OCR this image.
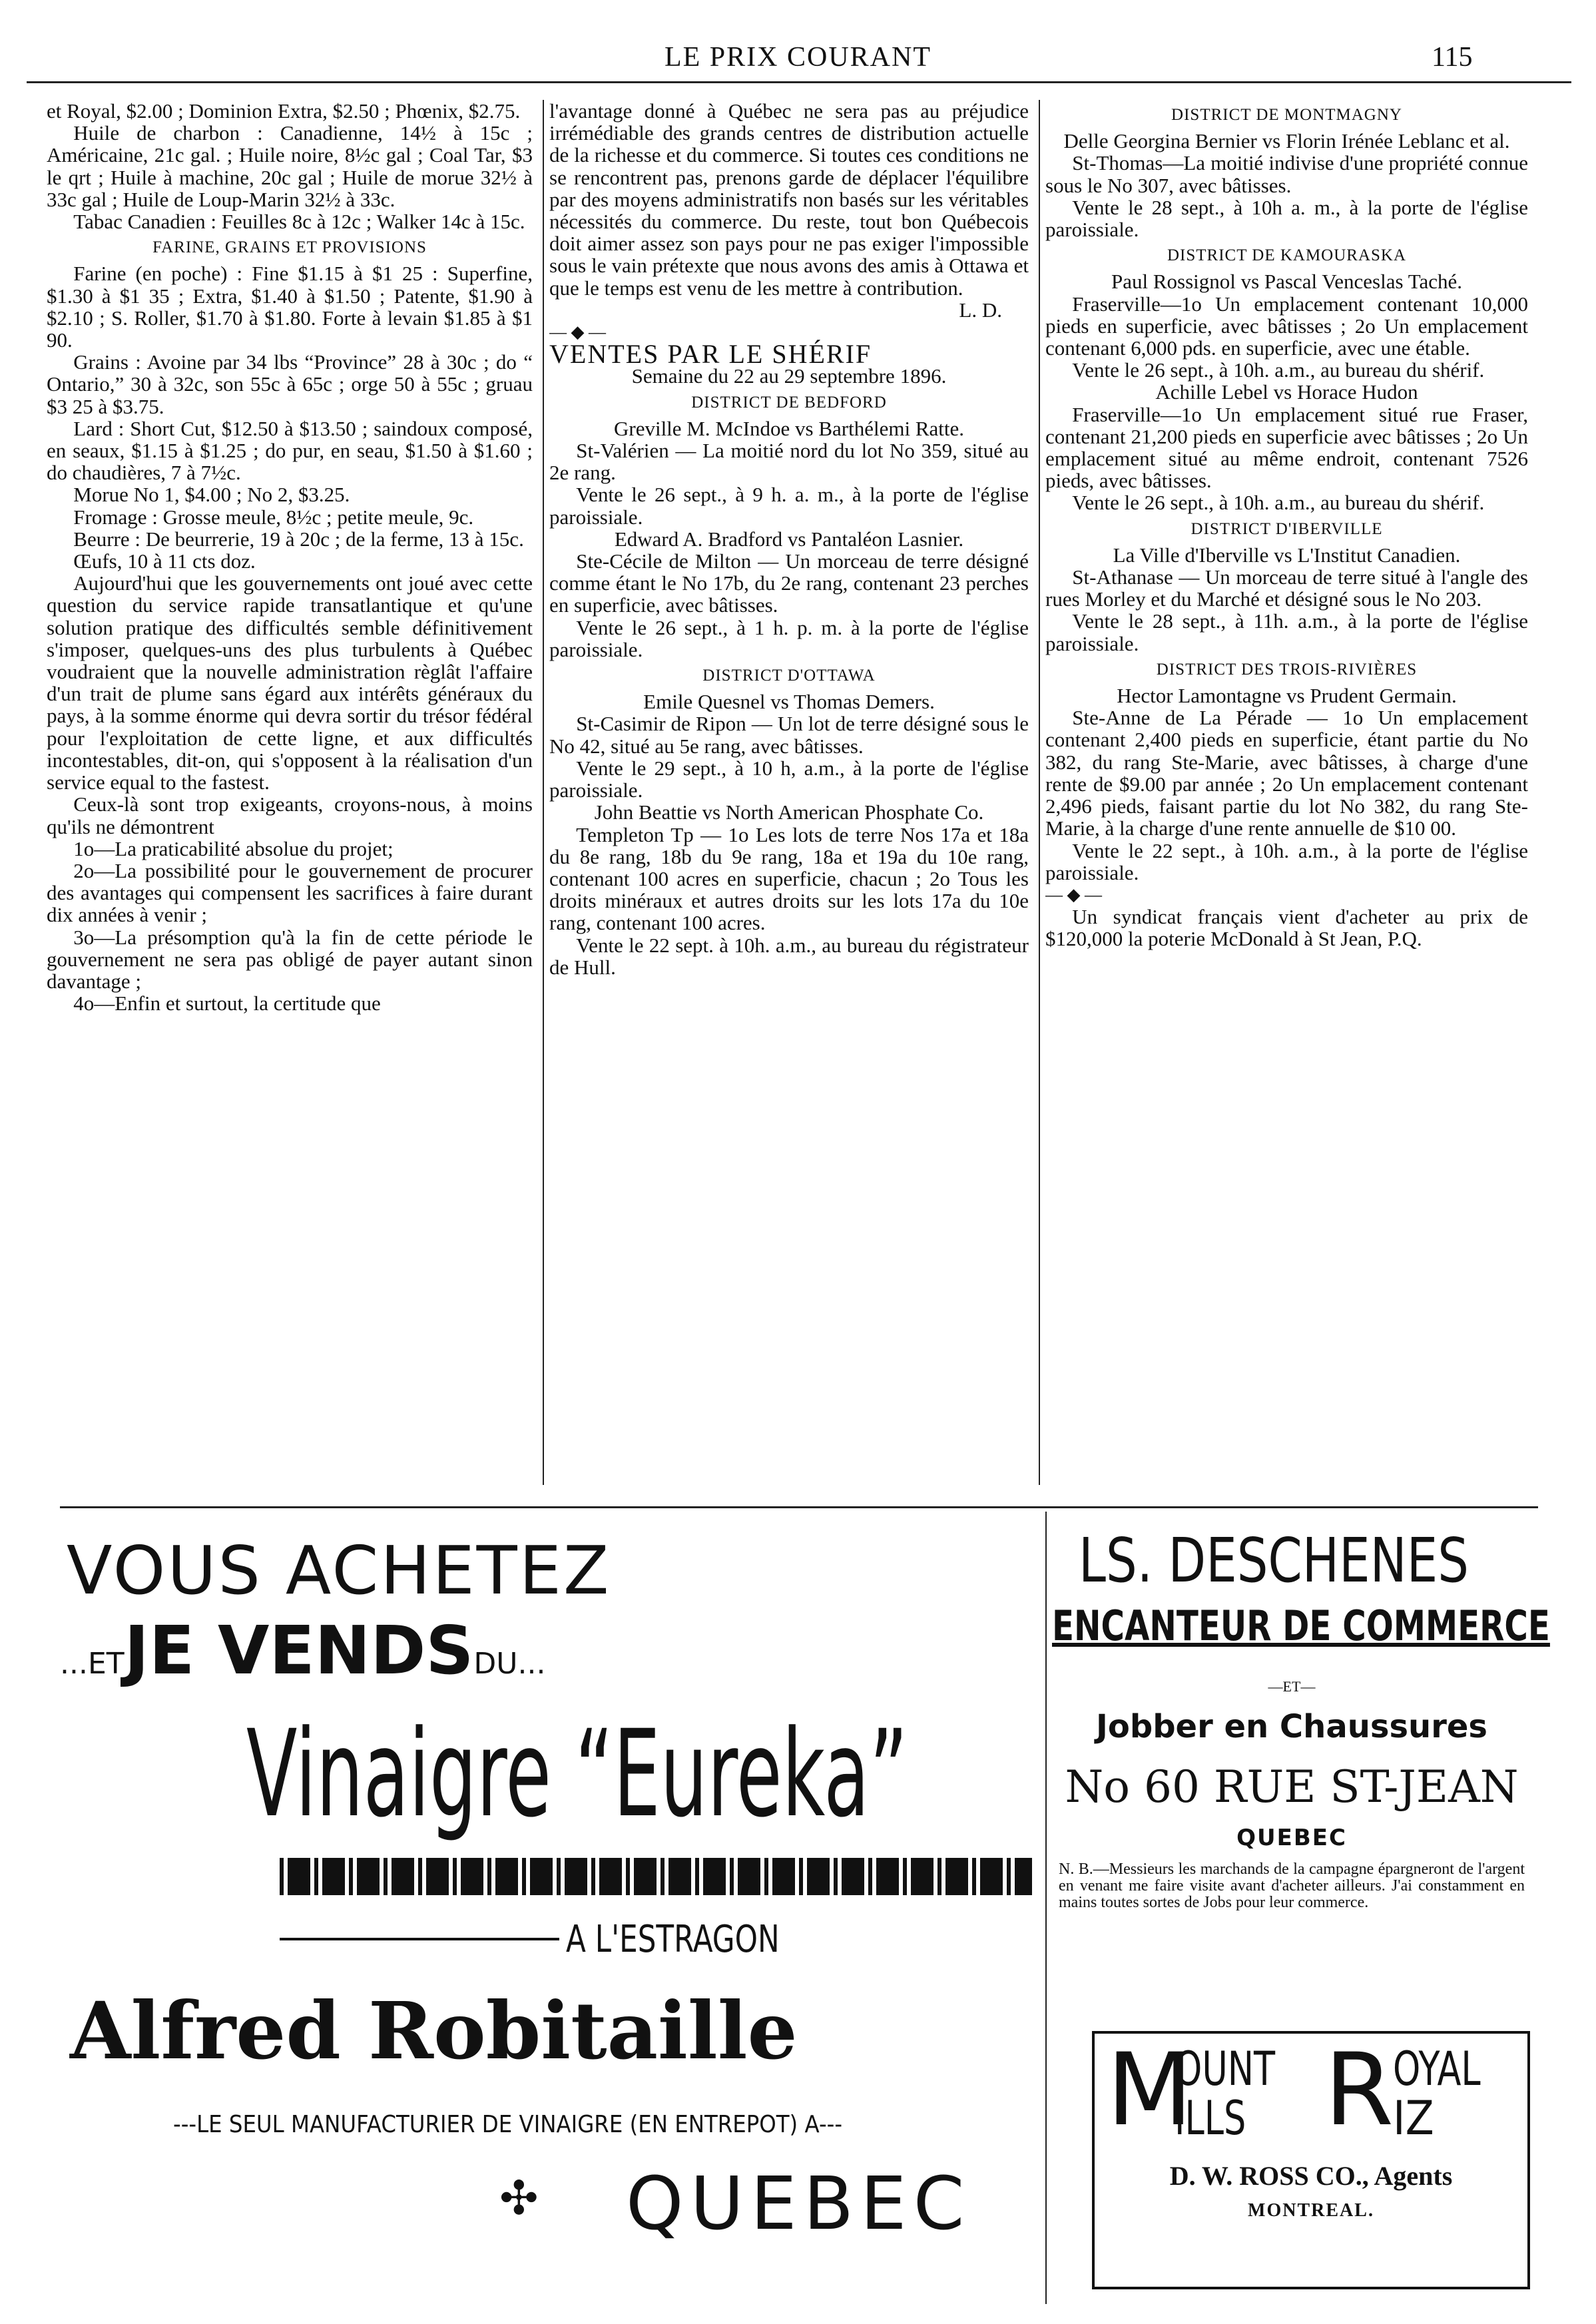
LE PRIX COURANT	115

et Royal, $2.00 ; Dominion Extra, $2.50 ; Phœnix, $2.75.

Huile de charbon : Canadienne, 14½ à 15c ; Américaine, 21c gal. ; Huile noire, 8½c gal ; Coal Tar, $3 le qrt ; Huile à machine, 20c gal ; Huile de morue 32½ à 33c gal ; Huile de Loup-Marin 32½ à 33c.

Tabac Canadien : Feuilles 8c à 12c ; Walker 14c à 15c.

FARINE, GRAINS ET PROVISIONS

Farine (en poche) : Fine $1.15 à $1 25 : Superfine, $1.30 à $1 35 ; Extra, $1.40 à $1.50 ; Patente, $1.90 à $2.10 ; S. Roller, $1.70 à $1.80. Forte à levain $1.85 à $1 90.

Grains : Avoine par 34 lbs “Province” 28 à 30c ; do “ Ontario,” 30 à 32c, son 55c à 65c ; orge 50 à 55c ; gruau $3 25 à $3.75.

Lard : Short Cut, $12.50 à $13.50 ; saindoux composé, en seaux, $1.15 à $1.25 ; do pur, en seau, $1.50 à $1.60 ; do chaudières, 7 à 7½c.

Morue No 1, $4.00 ; No 2, $3.25.

Fromage : Grosse meule, 8½c ; petite meule, 9c.

Beurre : De beurrerie, 19 à 20c ; de la ferme, 13 à 15c.

Œufs, 10 à 11 cts doz.

Aujourd'hui que les gouvernements ont joué avec cette question du service rapide transatlantique et qu'une solution pratique des difficultés semble définitivement s'imposer, quelques-uns des plus turbulents à Québec voudraient que la nouvelle administration règlât l'affaire d'un trait de plume sans égard aux intérêts généraux du pays, à la somme énorme qui devra sortir du trésor fédéral pour l'exploitation de cette ligne, et aux difficultés incontestables, dit-on, qui s'opposent à la réalisation d'un service equal to the fastest.

Ceux-là sont trop exigeants, croyons-nous, à moins qu'ils ne démontrent

1o—La praticabilité absolue du projet;

2o—La possibilité pour le gouvernement de procurer des avantages qui compensent les sacrifices à faire durant dix années à venir ;

3o—La présomption qu'à la fin de cette période le gouvernement ne sera pas obligé de payer autant sinon davantage ;

4o—Enfin et surtout, la certitude que

l'avantage donné à Québec ne sera pas au préjudice irrémédiable des grands centres de distribution actuelle de la richesse et du commerce. Si toutes ces conditions ne se rencontrent pas, prenons garde de déplacer l'équilibre par des moyens administratifs non basés sur les véritables nécessités du commerce. Du reste, tout bon Québecois doit aimer assez son pays pour ne pas exiger l'impossible sous le vain prétexte que nous avons des amis à Ottawa et que le temps est venu de les mettre à contribution.

L. D.

— ◆ —

VENTES PAR LE SHÉRIF

Semaine du 22 au 29 septembre 1896.

DISTRICT DE BEDFORD

Greville M. McIndoe vs Barthélemi Ratte.

St-Valérien — La moitié nord du lot No 359, situé au 2e rang.

Vente le 26 sept., à 9 h. a. m., à la porte de l'église paroissiale.

Edward A. Bradford vs Pantaléon Lasnier.

Ste-Cécile de Milton — Un morceau de terre désigné comme étant le No 17b, du 2e rang, contenant 23 perches en superficie, avec bâtisses.

Vente le 26 sept., à 1 h. p. m. à la porte de l'église paroissiale.

DISTRICT D'OTTAWA

Emile Quesnel vs Thomas Demers.

St-Casimir de Ripon — Un lot de terre désigné sous le No 42, situé au 5e rang, avec bâtisses.

Vente le 29 sept., à 10 h, a.m., à la porte de l'église paroissiale.

John Beattie vs North American Phosphate Co.

Templeton Tp — 1o Les lots de terre Nos 17a et 18a du 8e rang, 18b du 9e rang, 18a et 19a du 10e rang, contenant 100 acres en superficie, chacun ; 2o Tous les droits minéraux et autres droits sur les lots 17a du 10e rang, contenant 100 acres.

Vente le 22 sept. à 10h. a.m., au bureau du régistrateur de Hull.

DISTRICT DE MONTMAGNY

Delle Georgina Bernier vs Florin Irénée Leblanc et al.

St-Thomas—La moitié indivise d'une propriété connue sous le No 307, avec bâtisses.

Vente le 28 sept., à 10h a. m., à la porte de l'église paroissiale.

DISTRICT DE KAMOURASKA

Paul Rossignol vs Pascal Venceslas Taché.

Fraserville—1o Un emplacement contenant 10,000 pieds en superficie, avec bâtisses ; 2o Un emplacement contenant 6,000 pds. en superficie, avec une étable.

Vente le 26 sept., à 10h. a.m., au bureau du shérif.

Achille Lebel vs Horace Hudon

Fraserville—1o Un emplacement situé rue Fraser, contenant 21,200 pieds en superficie avec bâtisses ; 2o Un emplacement situé au même endroit, contenant 7526 pieds, avec bâtisses.

Vente le 26 sept., à 10h. a.m., au bureau du shérif.

DISTRICT D'IBERVILLE

La Ville d'Iberville vs L'Institut Canadien.

St-Athanase — Un morceau de terre situé à l'angle des rues Morley et du Marché et désigné sous le No 203.

Vente le 28 sept., à 11h. a.m., à la porte de l'église paroissiale.

DISTRICT DES TROIS-RIVIÈRES

Hector Lamontagne vs Prudent Germain.

Ste-Anne de La Pérade — 1o Un emplacement contenant 2,400 pieds en superficie, étant partie du No 382, du rang Ste-Marie, avec bâtisses, à charge d'une rente de $9.00 par année ; 2o Un emplacement contenant 2,496 pieds, faisant partie du lot No 382, du rang Ste-Marie, à la charge d'une rente annuelle de $10 00.

Vente le 22 sept., à 10h. a.m., à la porte de l'église paroissiale.

— ◆ —

Un syndicat français vient d'acheter au prix de $120,000 la poterie McDonald à St Jean, P.Q.

VOUS ACHETEZ
...ETJE VENDSDU...
Vinaigre “Eureka”
A L'ESTRAGON
Alfred Robitaille
---LE SEUL MANUFACTURIER DE VINAIGRE (EN ENTREPOT) A---
✣ QUEBEC
LS. DESCHENES
ENCANTEUR DE COMMERCE
—ET—
Jobber en Chaussures
No 60 RUE ST-JEAN
QUEBEC
N. B.—Messieurs les marchands de la campagne épargneront de l'argent en venant me faire visite avant d'acheter ailleurs. J'ai constamment en mains toutes sortes de Jobs pour leur commerce.
M
OUNT
ILLS R
OYAL
IZ
D. W. ROSS CO., Agents
MONTREAL.
